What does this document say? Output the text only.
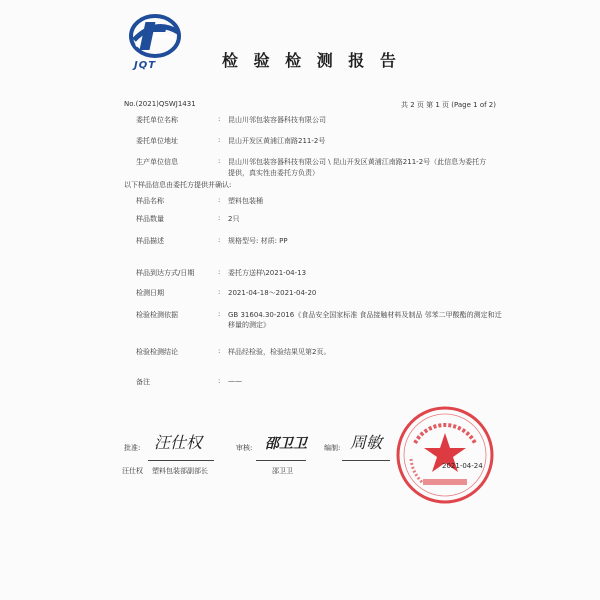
JQT	检 验 检 测 报 告
No.(2021)QSWJ1431	共 2 页 第 1 页 (Page 1 of 2)
委托单位名称	: 昆山川邻包装容器科技有限公司
委托单位地址	: 昆山开发区黄浦江南路211-2号
生产单位信息	: 昆山川邻包装容器科技有限公司 \ 昆山开发区黄浦江南路211-2号（此信息为委托方
提供，真实性由委托方负责）
以下样品信息由委托方提供并确认:
样品名称	: 塑料包装桶
样品数量	: 2只
样品描述	: 规格型号: 材质: PP
样品到达方式/日期	: 委托方送样\2021-04-13
检测日期	: 2021-04-18～2021-04-20
检验检测依据	: GB 31604.30-2016《食品安全国家标准 食品接触材料及制品 邻苯二甲酸酯的测定和迁
移量的测定》
检验检测结论	: 样品经检验，检验结果见第2页。
备注	: ——
批准: 汪仕权
汪仕权 塑料包装部副部长
审核: 邵卫卫
邵卫卫
编制: 周敏
2021-04-24
